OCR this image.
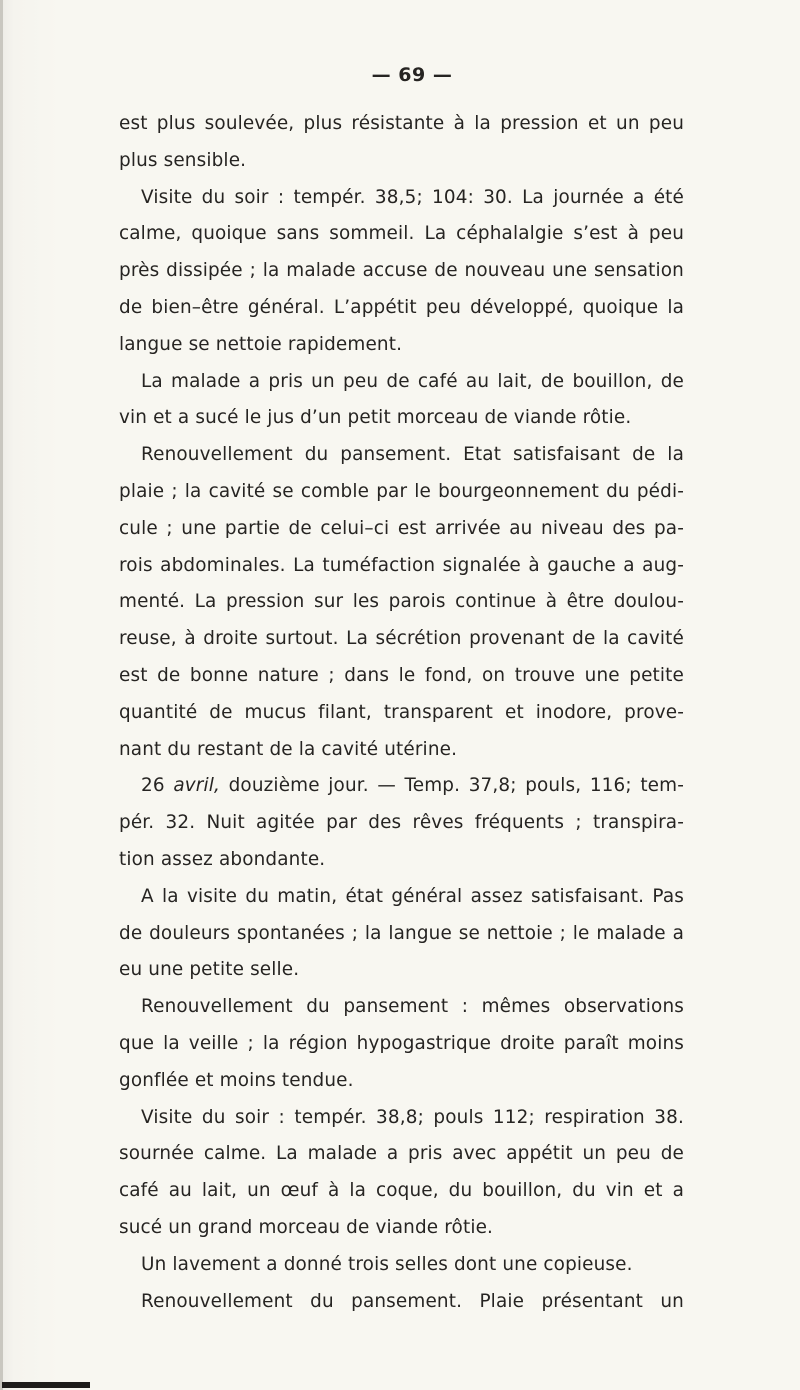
— 69 —
est plus soulevée, plus résistante à la pression et un peu
plus sensible.
Visite du soir : tempér. 38,5; 104: 30. La journée a été
calme, quoique sans sommeil. La céphalalgie s’est à peu
près dissipée ; la malade accuse de nouveau une sensation
de bien–être général. L’appétit peu développé, quoique la
langue se nettoie rapidement.
La malade a pris un peu de café au lait, de bouillon, de
vin et a sucé le jus d’un petit morceau de viande rôtie.
Renouvellement du pansement. Etat satisfaisant de la
plaie ; la cavité se comble par le bourgeonnement du pédi-
cule ; une partie de celui–ci est arrivée au niveau des pa-
rois abdominales. La tuméfaction signalée à gauche a aug-
menté. La pression sur les parois continue à être doulou-
reuse, à droite surtout. La sécrétion provenant de la cavité
est de bonne nature ; dans le fond, on trouve une petite
quantité de mucus filant, transparent et inodore, prove-
nant du restant de la cavité utérine.
26 avril, douzième jour. — Temp. 37,8; pouls, 116; tem-
pér. 32. Nuit agitée par des rêves fréquents ; transpira-
tion assez abondante.
A la visite du matin, état général assez satisfaisant. Pas
de douleurs spontanées ; la langue se nettoie ; le malade a
eu une petite selle.
Renouvellement du pansement : mêmes observations
que la veille ; la région hypogastrique droite paraît moins
gonflée et moins tendue.
Visite du soir : tempér. 38,8; pouls 112; respiration 38.
sournée calme. La malade a pris avec appétit un peu de
café au lait, un œuf à la coque, du bouillon, du vin et a
sucé un grand morceau de viande rôtie.
Un lavement a donné trois selles dont une copieuse.
Renouvellement du pansement. Plaie présentant un
